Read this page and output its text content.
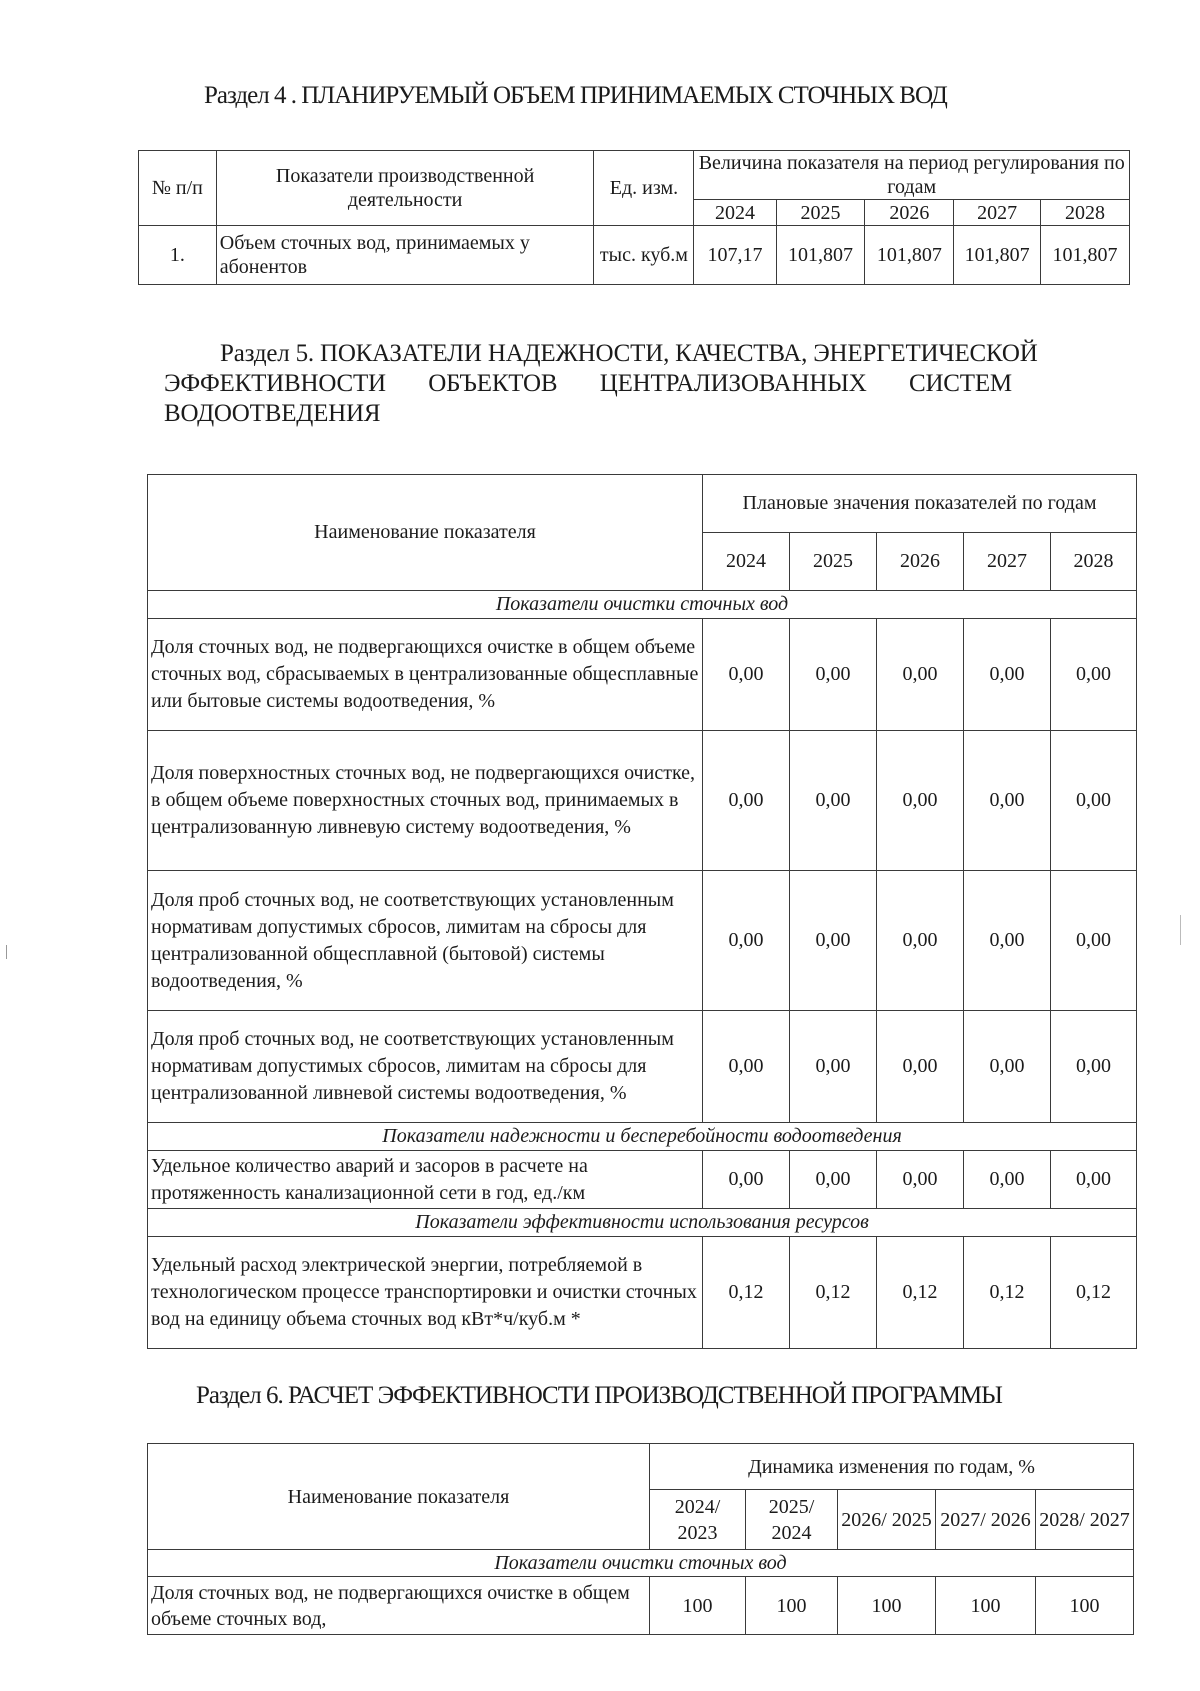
Раздел 4 . ПЛАНИРУЕМЫЙ ОБЪЕМ ПРИНИМАЕМЫХ СТОЧНЫХ ВОД
№ п/п	Показатели производственной деятельности	Ед. изм.	Величина показателя на период регулирования по годам				
			2024	2025	2026	2027	2028
1.	Объем сточных вод, принимаемых у абонентов	тыс. куб.м	107,17	101,807	101,807	101,807	101,807
Раздел 5. ПОКАЗАТЕЛИ НАДЕЖНОСТИ, КАЧЕСТВА, ЭНЕРГЕТИЧЕСКОЙ
ЭФФЕКТИВНОСТИ       ОБЪЕКТОВ       ЦЕНТРАЛИЗОВАННЫХ       СИСТЕМ
ВОДООТВЕДЕНИЯ
Наименование показателя	Плановые значения показателей по годам				
	2024	2025	2026	2027	2028
Показатели очистки сточных вод					
Доля сточных вод, не подвергающихся очистке в общем объеме сточных вод, сбрасываемых в централизованные общесплавные или бытовые системы водоотведения, %	0,00	0,00	0,00	0,00	0,00
Доля поверхностных сточных вод, не подвергающихся очистке, в общем объеме поверхностных сточных вод, принимаемых в централизованную ливневую систему водоотведения, %	0,00	0,00	0,00	0,00	0,00
Доля проб сточных вод, не соответствующих установленным нормативам допустимых сбросов, лимитам на сбросы для централизованной общесплавной (бытовой) системы водоотведения, %	0,00	0,00	0,00	0,00	0,00
Доля проб сточных вод, не соответствующих установленным нормативам допустимых сбросов, лимитам на сбросы для централизованной ливневой системы водоотведения, %	0,00	0,00	0,00	0,00	0,00
Показатели надежности и бесперебойности водоотведения					
Удельное количество аварий и засоров в расчете на протяженность канализационной сети в год, ед./км	0,00	0,00	0,00	0,00	0,00
Показатели эффективности использования ресурсов					
Удельный расход электрической энергии, потребляемой в технологическом процессе транспортировки и очистки сточных вод на единицу объема сточных вод кВт*ч/куб.м *	0,12	0,12	0,12	0,12	0,12
Раздел 6. РАСЧЕТ ЭФФЕКТИВНОСТИ ПРОИЗВОДСТВЕННОЙ ПРОГРАММЫ
Наименование показателя	Динамика изменения по годам, %				
	2024/ 2023	2025/ 2024	2026/ 2025	2027/ 2026	2028/ 2027
Показатели очистки сточных вод					
Доля сточных вод, не подвергающихся очистке в общем объеме сточных вод,	100	100	100	100	100
